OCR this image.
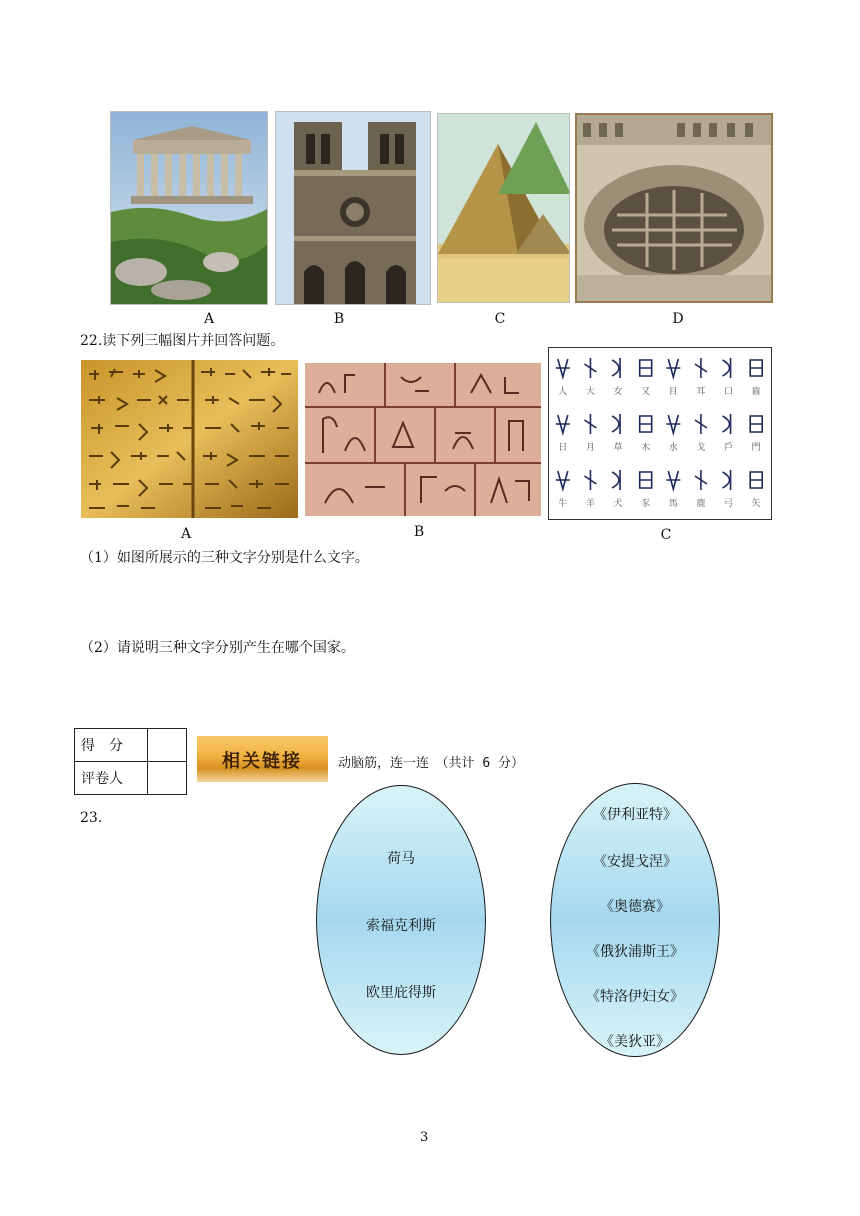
A	B	C	D
22.读下列三幅图片并回答问题。
人 大 女 又 目 耳 口 齒
日 月 草 木 水 戈 戶 門
牛 羊 犬 豕 馬 鹿 弓 矢
A	B	C
（1）如图所展示的三种文字分别是什么文字。
（2）请说明三种文字分别产生在哪个国家。
得　分	
评卷人	
相关链接	动脑筋，连一连　（共计 6 分）
23.
荷马
索福克利斯
欧里庇得斯
《伊利亚特》
《安提戈涅》
《奥德赛》
《俄狄浦斯王》
《特洛伊妇女》
《美狄亚》
3
